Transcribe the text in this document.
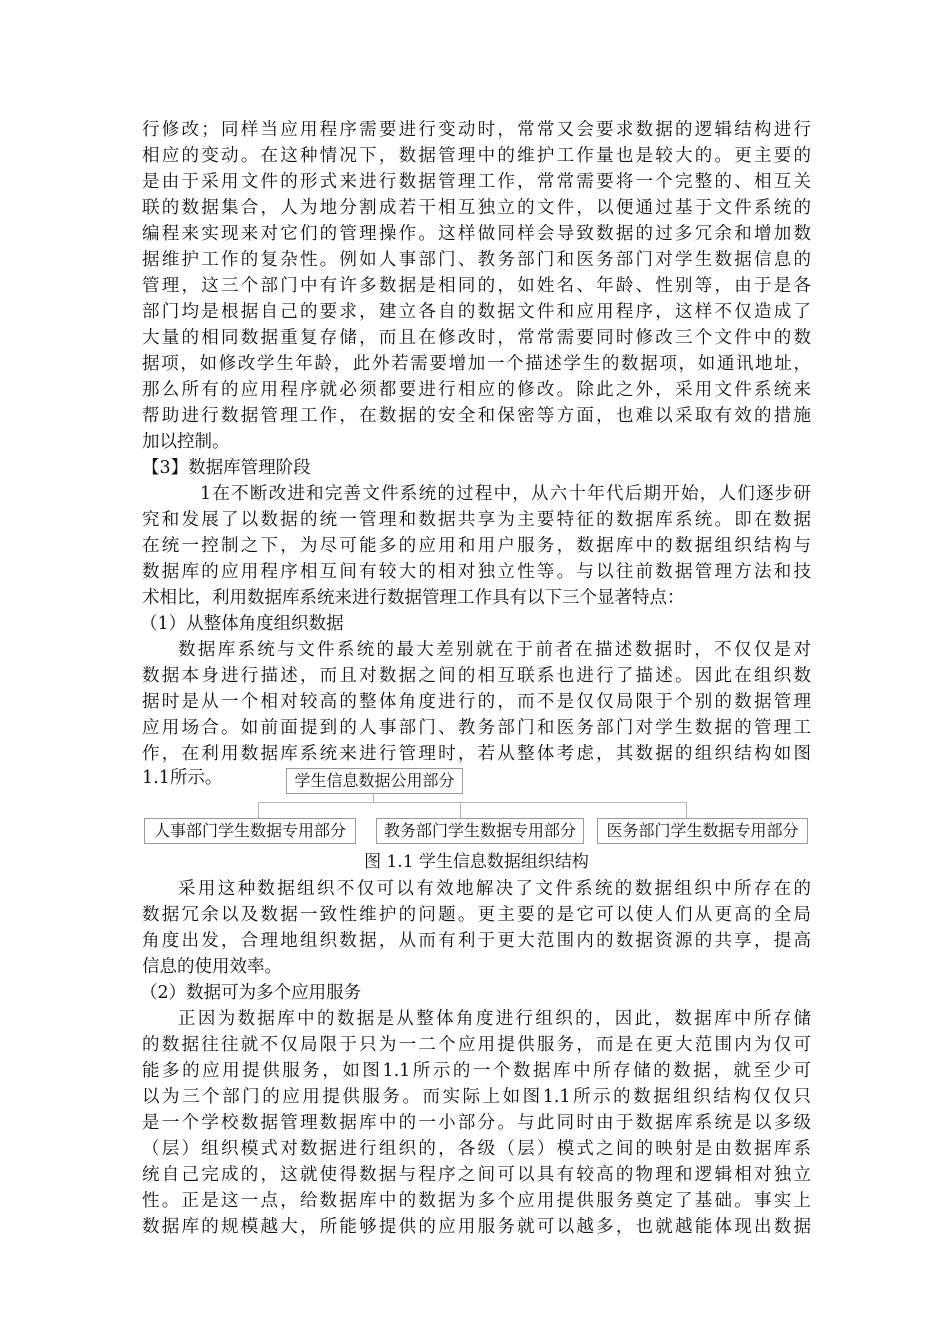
行修改；同样当应用程序需要进行变动时，常常又会要求数据的逻辑结构进行
相应的变动。在这种情况下，数据管理中的维护工作量也是较大的。更主要的
是由于采用文件的形式来进行数据管理工作，常常需要将一个完整的、相互关
联的数据集合，人为地分割成若干相互独立的文件，以便通过基于文件系统的
编程来实现来对它们的管理操作。这样做同样会导致数据的过多冗余和增加数
据维护工作的复杂性。例如人事部门、教务部门和医务部门对学生数据信息的
管理，这三个部门中有许多数据是相同的，如姓名、年龄、性别等，由于是各
部门均是根据自己的要求，建立各自的数据文件和应用程序，这样不仅造成了
大量的相同数据重复存储，而且在修改时，常常需要同时修改三个文件中的数
据项，如修改学生年龄，此外若需要增加一个描述学生的数据项，如通讯地址，
那么所有的应用程序就必须都要进行相应的修改。除此之外，采用文件系统来
帮助进行数据管理工作，在数据的安全和保密等方面，也难以采取有效的措施
加以控制。
【3】数据库管理阶段
1在不断改进和完善文件系统的过程中，从六十年代后期开始，人们逐步研
究和发展了以数据的统一管理和数据共享为主要特征的数据库系统。即在数据
在统一控制之下，为尽可能多的应用和用户服务，数据库中的数据组织结构与
数据库的应用程序相互间有较大的相对独立性等。与以往前数据管理方法和技
术相比，利用数据库系统来进行数据管理工作具有以下三个显著特点：
（1）从整体角度组织数据
数据库系统与文件系统的最大差别就在于前者在描述数据时，不仅仅是对
数据本身进行描述，而且对数据之间的相互联系也进行了描述。因此在组织数
据时是从一个相对较高的整体角度进行的，而不是仅仅局限于个别的数据管理
应用场合。如前面提到的人事部门、教务部门和医务部门对学生数据的管理工
作，在利用数据库系统来进行管理时，若从整体考虑，其数据的组织结构如图
1.1所示。	学生信息数据公用部分
人事部门学生数据专用部分	教务部门学生数据专用部分	医务部门学生数据专用部分
图 1.1 学生信息数据组织结构
采用这种数据组织不仅可以有效地解决了文件系统的数据组织中所存在的
数据冗余以及数据一致性维护的问题。更主要的是它可以使人们从更高的全局
角度出发，合理地组织数据，从而有利于更大范围内的数据资源的共享，提高
信息的使用效率。
（2）数据可为多个应用服务
正因为数据库中的数据是从整体角度进行组织的，因此，数据库中所存储
的数据往往就不仅局限于只为一二个应用提供服务，而是在更大范围内为仅可
能多的应用提供服务，如图1.1所示的一个数据库中所存储的数据，就至少可
以为三个部门的应用提供服务。而实际上如图1.1所示的数据组织结构仅仅只
是一个学校数据管理数据库中的一小部分。与此同时由于数据库系统是以多级
（层）组织模式对数据进行组织的，各级（层）模式之间的映射是由数据库系
统自己完成的，这就使得数据与程序之间可以具有较高的物理和逻辑相对独立
性。正是这一点，给数据库中的数据为多个应用提供服务奠定了基础。事实上
数据库的规模越大，所能够提供的应用服务就可以越多，也就越能体现出数据
